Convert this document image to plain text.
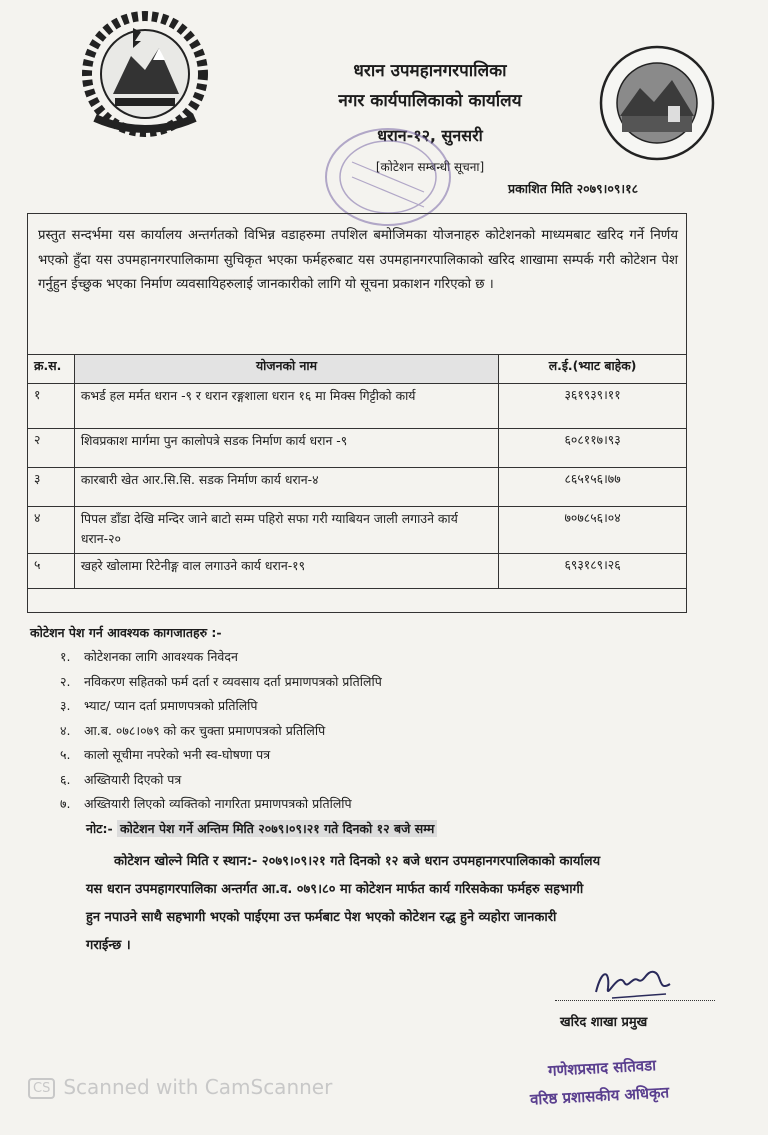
धरान उपमहानगरपालिका
नगर कार्यपालिकाको कार्यालय
धरान-१२, सुनसरी
[कोटेशन सम्बन्धी सूचना]
प्रकाशित मिति २०७९।०९।१८
प्रस्तुत सन्दर्भमा यस कार्यालय अन्तर्गतको विभिन्न वडाहरुमा तपशिल बमोजिमका योजनाहरु कोटेशनको माध्यमबाट खरिद गर्ने निर्णय भएको हुँदा यस उपमहानगरपालिकामा सुचिकृत भएका फर्महरुबाट यस उपमहानगरपालिकाको खरिद शाखामा सम्पर्क गरी कोटेशन पेश गर्नुहुन ईच्छुक भएका निर्माण व्यवसायिहरुलाई जानकारीको लागि यो सूचना प्रकाशन गरिएको छ ।
क्र.स.	योजनको नाम	ल.ई.(भ्याट बाहेक)
१	कभर्ड हल मर्मत धरान -९ र धरान रङ्गशाला धरान १६ मा मिक्स गिट्टीको कार्य	३६१९३९।११
२	शिवप्रकाश मार्गमा पुन कालोपत्रे सडक निर्माण कार्य धरान -९	६०८११७।९३
३	कारबारी खेत आर.सि.सि. सडक निर्माण कार्य धरान-४	८६५१५६।७७
४	पिपल डाँडा देखि मन्दिर जाने बाटो सम्म पहिरो सफा गरी ग्याबियन जाली लगाउने कार्य धरान-२०	७०७८५६।०४
५	खहरे खोलामा रिटेनीङ्ग वाल लगाउने कार्य धरान-१९	६९३१८९।२६
कोटेशन पेश गर्न आवश्यक कागजातहरु :-
१. कोटेशनका लागि आवश्यक निवेदन
२. नविकरण सहितको फर्म दर्ता र व्यवसाय दर्ता प्रमाणपत्रको प्रतिलिपि
३. भ्याट/ प्यान दर्ता प्रमाणपत्रको प्रतिलिपि
४. आ.ब. ०७८।०७९ को कर चुक्ता प्रमाणपत्रको प्रतिलिपि
५. कालो सूचीमा नपरेको भनी स्व-घोषणा पत्र
६. अख्तियारी दिएको पत्र
७. अख्तियारी लिएको व्यक्तिको नागरिता प्रमाणपत्रको प्रतिलिपि
नोट:- कोटेशन पेश गर्ने अन्तिम मिति २०७९।०९।२१ गते दिनको १२ बजे सम्म
कोटेशन खोल्ने मिति र स्थान:- २०७९।०९।२१ गते दिनको १२ बजे धरान उपमहानगरपालिकाको कार्यालय
यस धरान उपमहागरपालिका अन्तर्गत आ.व. ०७९।८० मा कोटेशन मार्फत कार्य गरिसकेका फर्महरु सहभागी
हुन नपाउने साथै सहभागी भएको पाईएमा उत्त फर्मबाट पेश भएको कोटेशन रद्ध हुने व्यहोरा जानकारी
गराईन्छ ।
खरिद शाखा प्रमुख
गणेशप्रसाद सतिवडा
वरिष्ठ प्रशासकीय अधिकृत
CS Scanned with CamScanner
